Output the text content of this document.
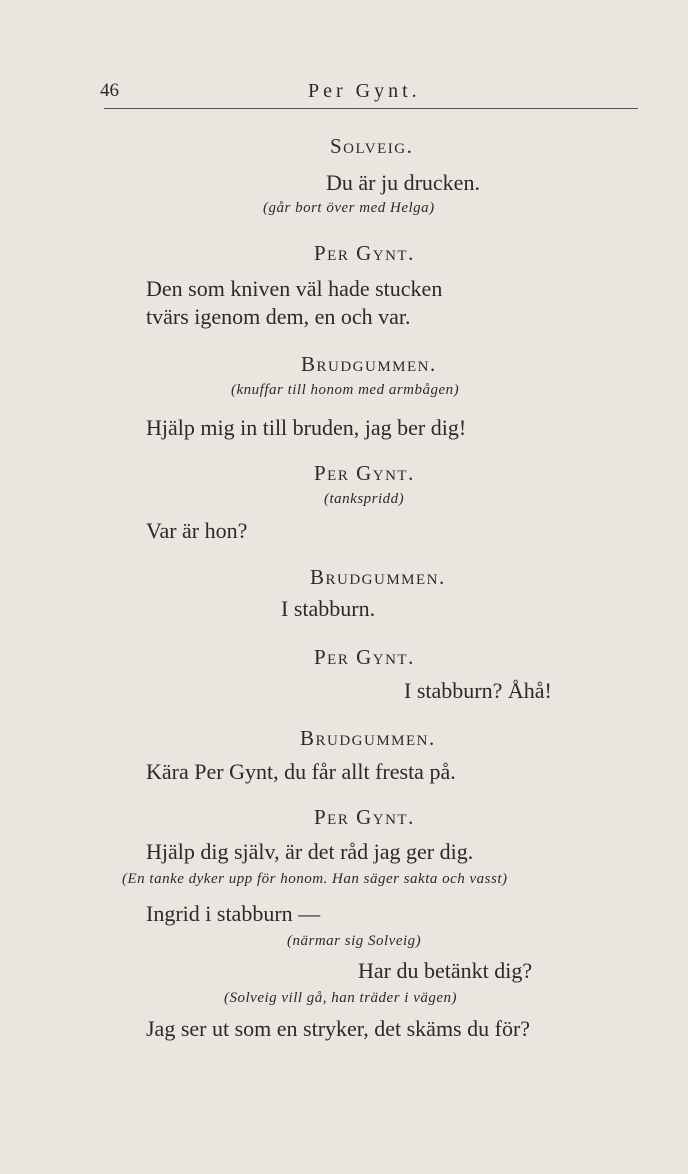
46	Per Gynt.
Solveig.
Du är ju drucken.
(går bort över med Helga)
Per Gynt.
Den som kniven väl hade stucken
tvärs igenom dem, en och var.
Brudgummen.
(knuffar till honom med armbågen)
Hjälp mig in till bruden, jag ber dig!
Per Gynt.
(tankspridd)
Var är hon?
Brudgummen.
I stabburn.
Per Gynt.
I stabburn? Åhå!
Brudgummen.
Kära Per Gynt, du får allt fresta på.
Per Gynt.
Hjälp dig själv, är det råd jag ger dig.
(En tanke dyker upp för honom. Han säger sakta och vasst)
Ingrid i stabburn —
(närmar sig Solveig)
Har du betänkt dig?
(Solveig vill gå, han träder i vägen)
Jag ser ut som en stryker, det skäms du för?
